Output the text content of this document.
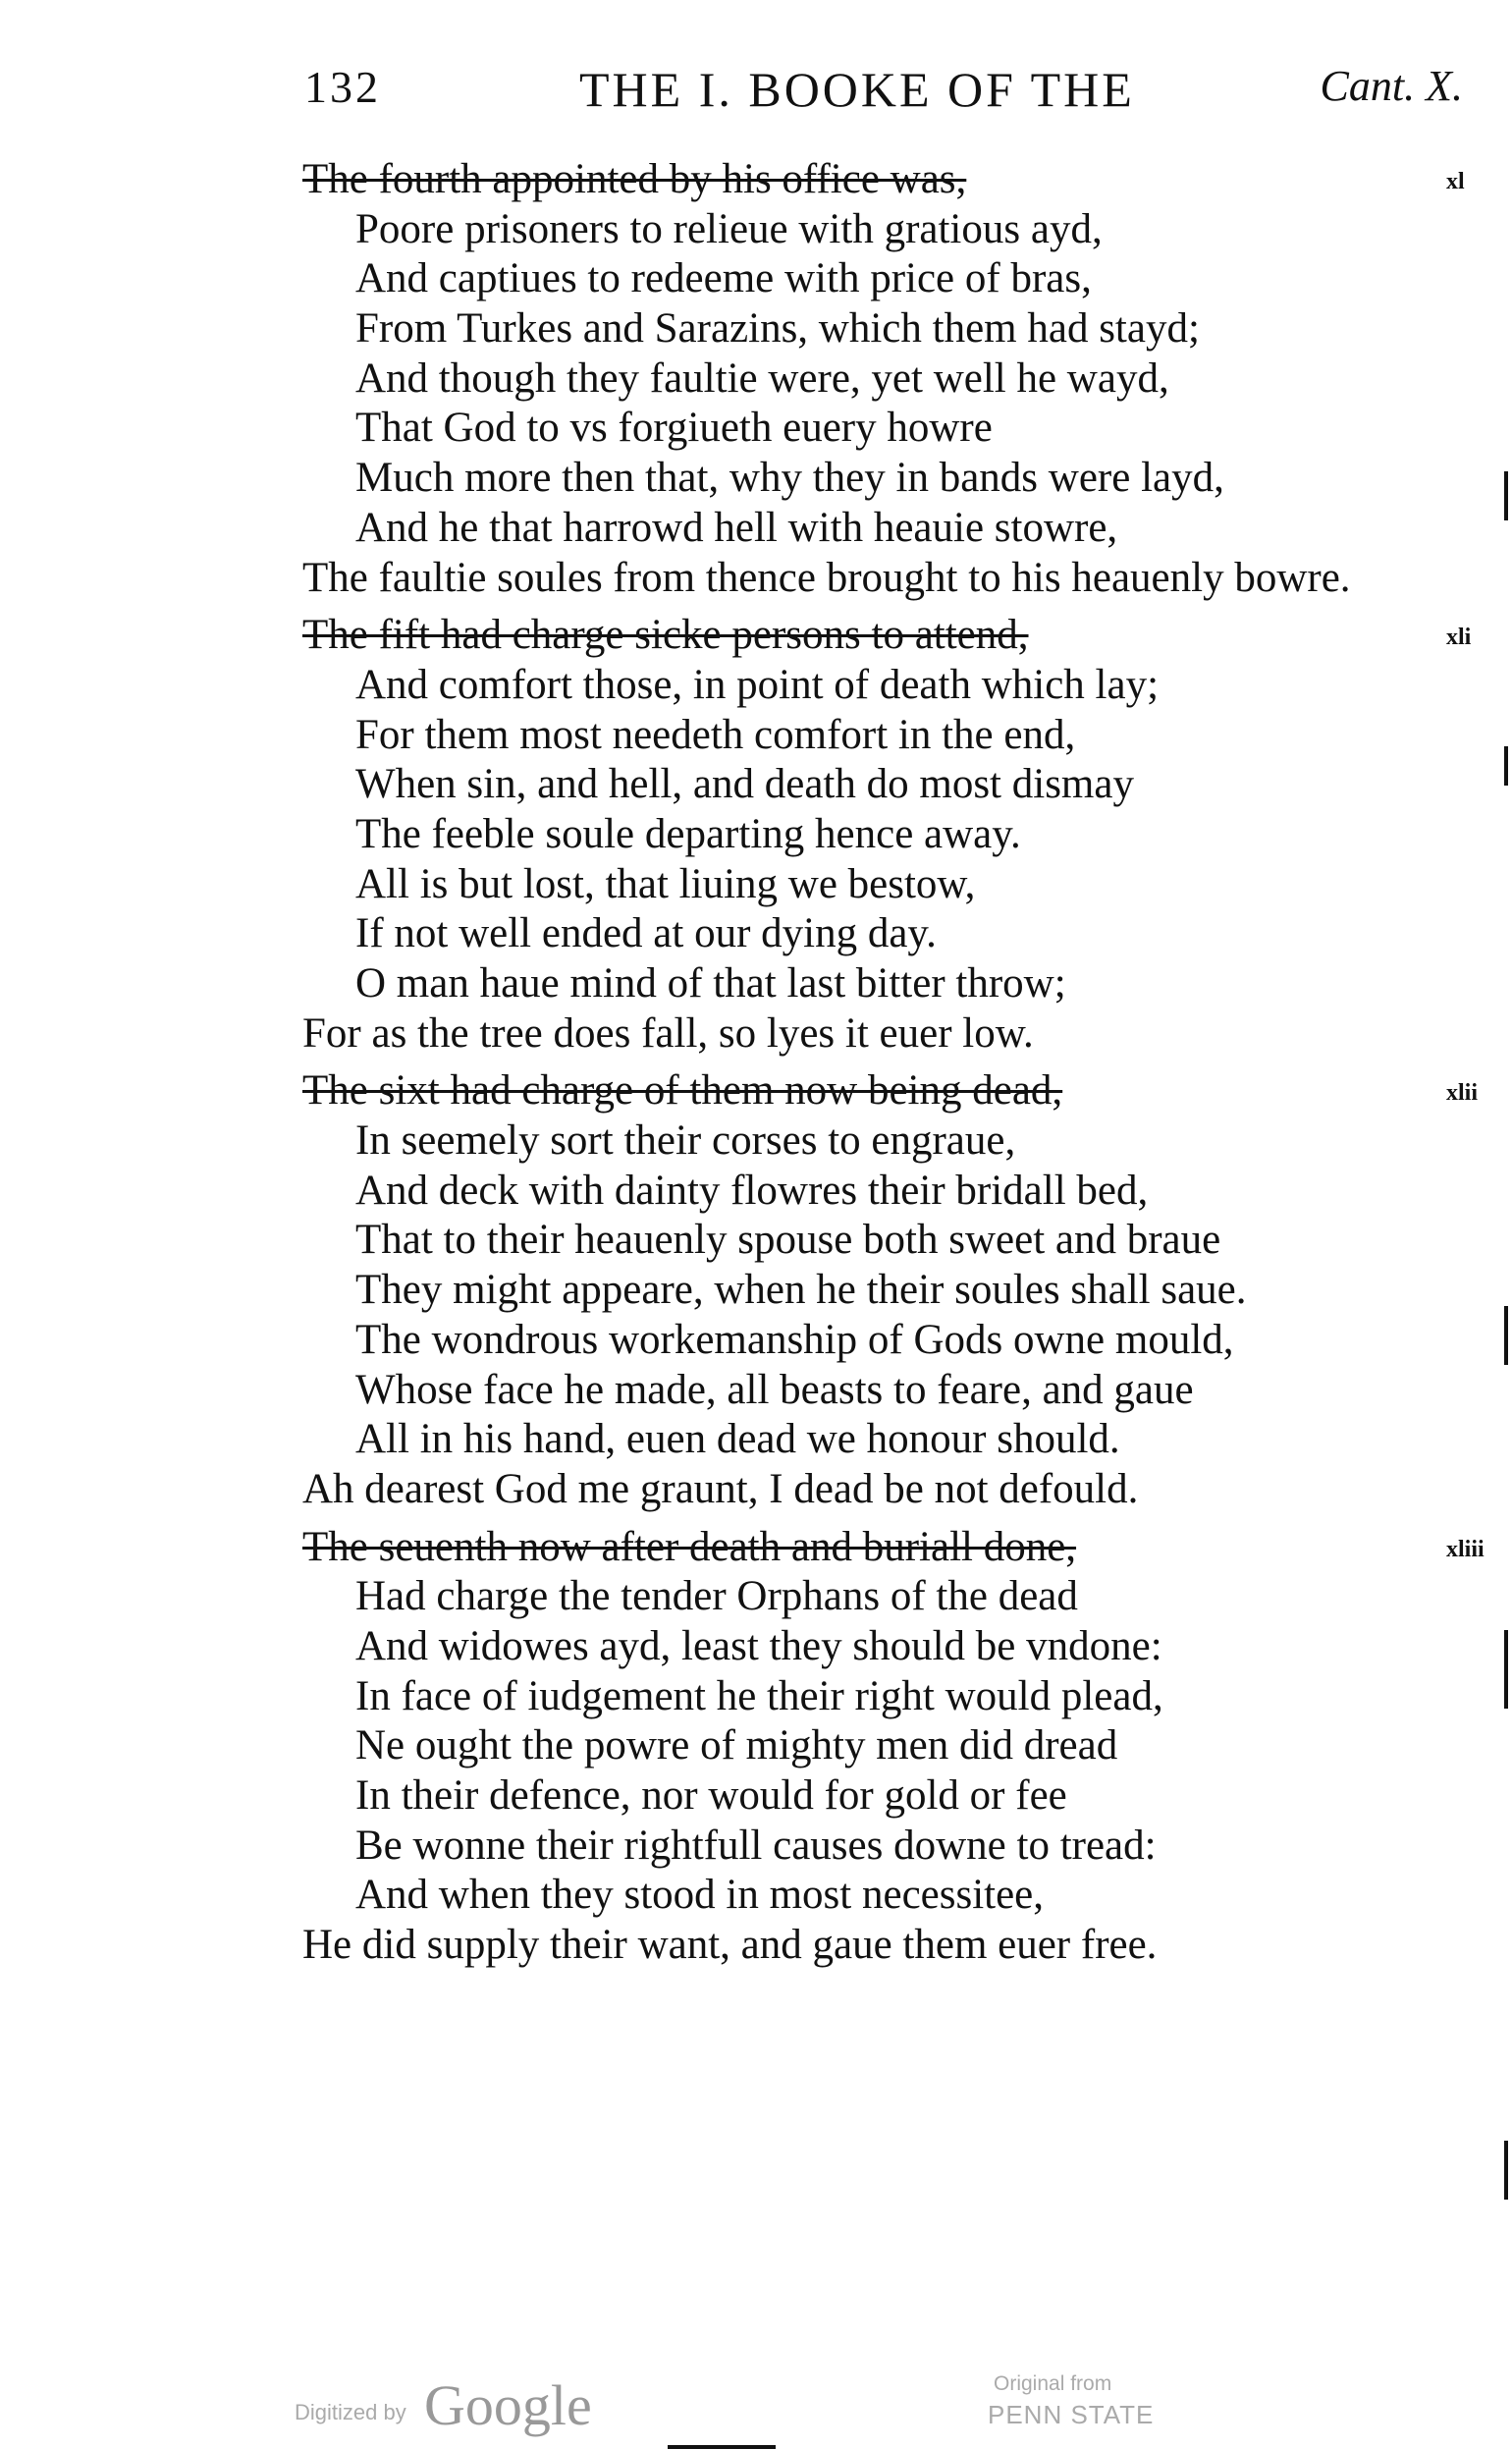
132	THE I. BOOKE OF THE	Cant. X.
The fourth appointed by his office was,	xl
Poore prisoners to relieue with gratious ayd,
And captiues to redeeme with price of bras,
From Turkes and Sarazins, which them had stayd;
And though they faultie were, yet well he wayd,
That God to vs forgiueth euery howre
Much more then that, why they in bands were layd,
And he that harrowd hell with heauie stowre,
The faultie soules from thence brought to his heauenly bowre.
The fift had charge sicke persons to attend,	xli
And comfort those, in point of death which lay;
For them most needeth comfort in the end,
When sin, and hell, and death do most dismay
The feeble soule departing hence away.
All is but lost, that liuing we bestow,
If not well ended at our dying day.
O man haue mind of that last bitter throw;
For as the tree does fall, so lyes it euer low.
The sixt had charge of them now being dead,	xlii
In seemely sort their corses to engraue,
And deck with dainty flowres their bridall bed,
That to their heauenly spouse both sweet and braue
They might appeare, when he their soules shall saue.
The wondrous workemanship of Gods owne mould,
Whose face he made, all beasts to feare, and gaue
All in his hand, euen dead we honour should.
Ah dearest God me graunt, I dead be not defould.
The seuenth now after death and buriall done,	xliii
Had charge the tender Orphans of the dead
And widowes ayd, least they should be vndone:
In face of iudgement he their right would plead,
Ne ought the powre of mighty men did dread
In their defence, nor would for gold or fee
Be wonne their rightfull causes downe to tread:
And when they stood in most necessitee,
He did supply their want, and gaue them euer free.
Digitized by Google	Original from
PENN STATE
